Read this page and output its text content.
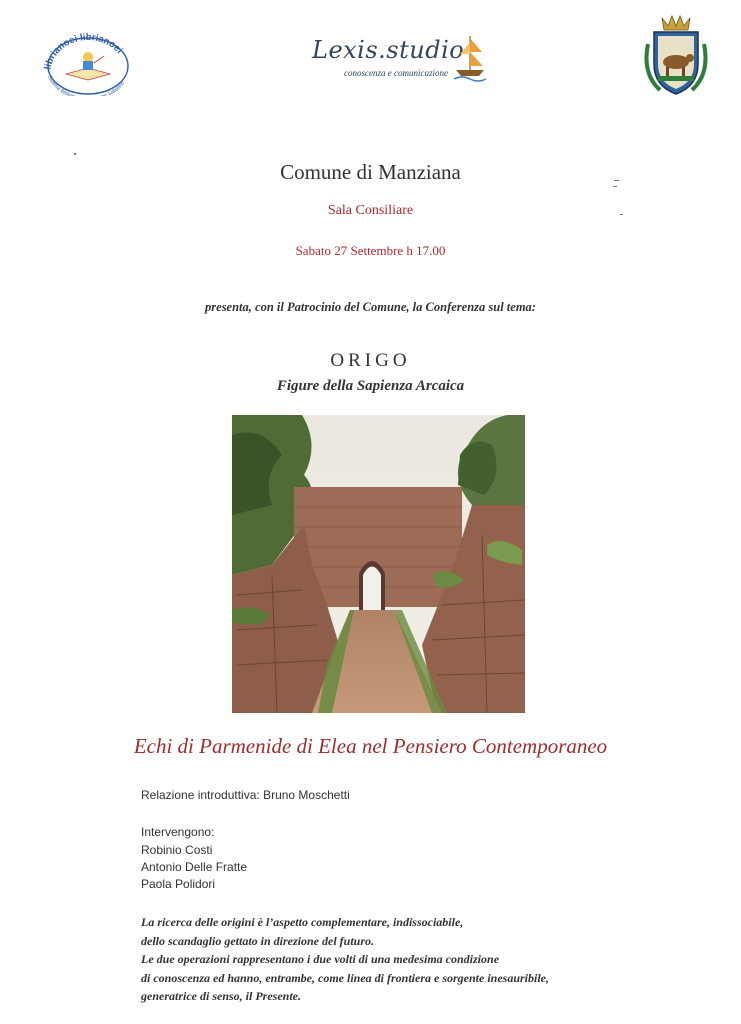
librianoei librianoei
Sistema Biblio e Sabatino
Lexis.studio
conoscenza e comunicazione
Comune di Manziana
Sala Consiliare
Sabato 27 Settembre h 17.00
presenta, con il Patrocinio del Comune, la Conferenza sul tema:
ORIGO
Figure della Sapienza Arcaica
Echi di Parmenide di Elea nel Pensiero Contemporaneo
Relazione introduttiva: Bruno Moschetti
Intervengono:
Robinio Costi
Antonio Delle Fratte
Paola Polidori
La ricerca delle origini è l’aspetto complementare, indissociabile,
dello scandaglio gettato in direzione del futuro.
Le due operazioni rappresentano i due volti di una medesima condizione
di conoscenza ed hanno, entrambe, come linea di frontiera e sorgente inesauribile,
generatrice di senso, il Presente.
